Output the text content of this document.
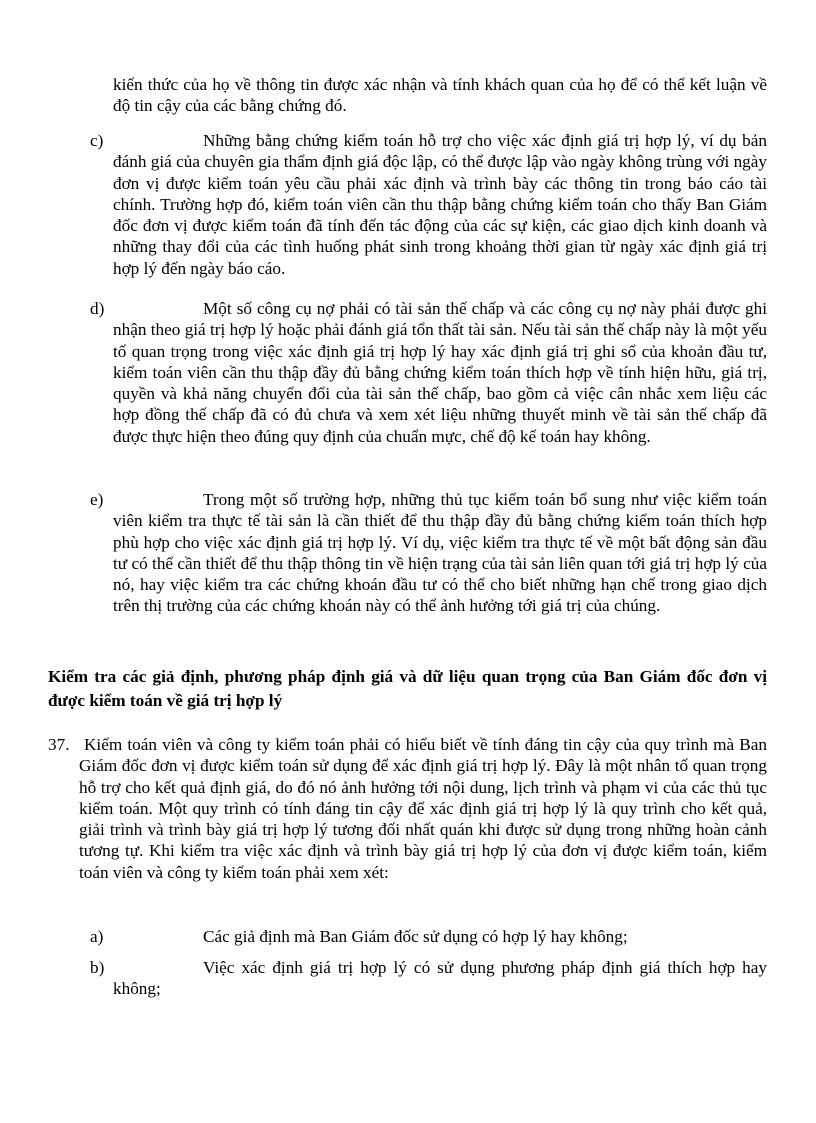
kiến thức của họ về thông tin được xác nhận và tính khách quan của họ để có thể kết luận về độ tin cậy của các bằng chứng đó.

c)	Những bằng chứng kiểm toán hỗ trợ cho việc xác định giá trị hợp lý, ví dụ bản đánh giá của chuyên gia thẩm định giá độc lập, có thể được lập vào ngày không trùng với ngày đơn vị được kiểm toán yêu cầu phải xác định và trình bày các thông tin trong báo cáo tài chính. Trường hợp đó, kiểm toán viên cần thu thập bằng chứng kiểm toán cho thấy Ban Giám đốc đơn vị được kiểm toán đã tính đến tác động của các sự kiện, các giao dịch kinh doanh và những thay đổi của các tình huống phát sinh trong khoảng thời gian từ ngày xác định giá trị hợp lý đến ngày báo cáo.

d)	Một số công cụ nợ phải có tài sản thế chấp và các công cụ nợ này phải được ghi nhận theo giá trị hợp lý hoặc phải đánh giá tổn thất tài sản. Nếu tài sản thế chấp này là một yếu tố quan trọng trong việc xác định giá trị hợp lý hay xác định giá trị ghi sổ của khoản đầu tư, kiểm toán viên cần thu thập đầy đủ bằng chứng kiểm toán thích hợp về tính hiện hữu, giá trị, quyền và khả năng chuyển đổi của tài sản thế chấp, bao gồm cả việc cân nhắc xem liệu các hợp đồng thế chấp đã có đủ chưa và xem xét liệu những thuyết minh về tài sản thế chấp đã được thực hiện theo đúng quy định của chuẩn mực, chế độ kế toán hay không.

e)	Trong một số trường hợp, những thủ tục kiểm toán bổ sung như việc kiểm toán viên kiểm tra thực tế tài sản là cần thiết để thu thập đầy đủ bằng chứng kiểm toán thích hợp phù hợp cho việc xác định giá trị hợp lý. Ví dụ, việc kiểm tra thực tế về một bất động sản đầu tư có thể cần thiết để thu thập thông tin về hiện trạng của tài sản liên quan tới giá trị hợp lý của nó, hay việc kiểm tra các chứng khoán đầu tư có thể cho biết những hạn chế trong giao dịch trên thị trường của các chứng khoán này có thể ảnh hưởng tới giá trị của chúng.

Kiểm tra các giả định, phương pháp định giá và dữ liệu quan trọng của Ban Giám đốc đơn vị được kiểm toán về giá trị hợp lý
37. Kiểm toán viên và công ty kiểm toán phải có hiểu biết về tính đáng tin cậy của quy trình mà Ban Giám đốc đơn vị được kiểm toán sử dụng để xác định giá trị hợp lý. Đây là một nhân tố quan trọng hỗ trợ cho kết quả định giá, do đó nó ảnh hưởng tới nội dung, lịch trình và phạm vi của các thủ tục kiểm toán. Một quy trình có tính đáng tin cậy để xác định giá trị hợp lý là quy trình cho kết quả, giải trình và trình bày giá trị hợp lý tương đối nhất quán khi được sử dụng trong những hoàn cảnh tương tự. Khi kiểm tra việc xác định và trình bày giá trị hợp lý của đơn vị được kiểm toán, kiểm toán viên và công ty kiểm toán phải xem xét:

a)	Các giả định mà Ban Giám đốc sử dụng có hợp lý hay không;

b)	Việc xác định giá trị hợp lý có sử dụng phương pháp định giá thích hợp hay không;
